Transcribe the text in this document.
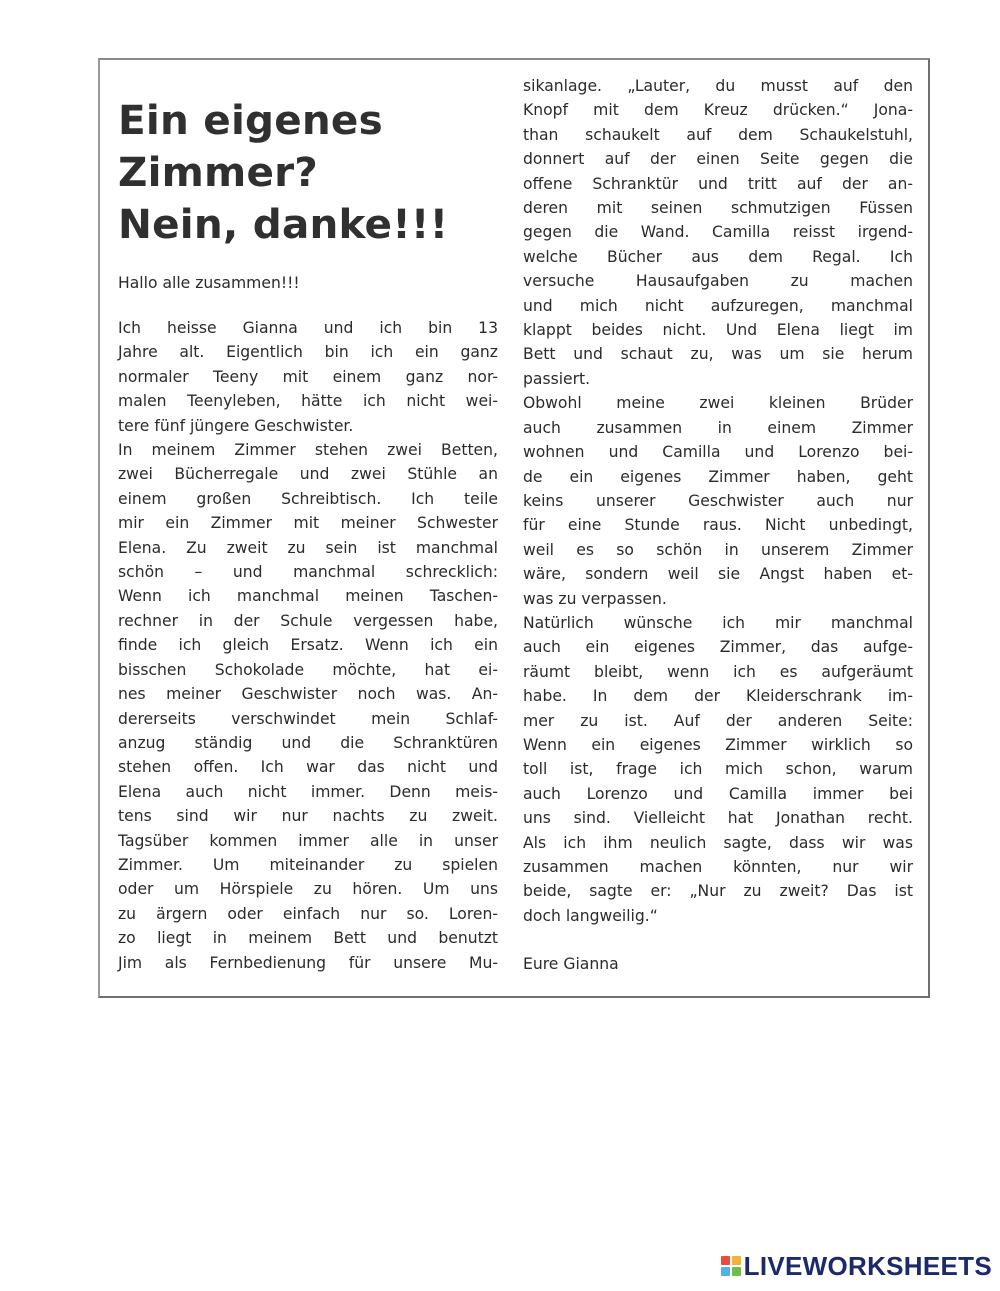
Ein eigenes
Zimmer?
Nein, danke!!!
Hallo alle zusammen!!!
Ich heisse Gianna und ich bin 13
Jahre alt. Eigentlich bin ich ein ganz
normaler Teeny mit einem ganz nor-
malen Teenyleben, hätte ich nicht wei-
tere fünf jüngere Geschwister.
In meinem Zimmer stehen zwei Betten,
zwei Bücherregale und zwei Stühle an
einem großen Schreibtisch. Ich teile
mir ein Zimmer mit meiner Schwester
Elena. Zu zweit zu sein ist manchmal
schön – und manchmal schrecklich:
Wenn ich manchmal meinen Taschen-
rechner in der Schule vergessen habe,
finde ich gleich Ersatz. Wenn ich ein
bisschen Schokolade möchte, hat ei-
nes meiner Geschwister noch was. An-
dererseits verschwindet mein Schlaf-
anzug ständig und die Schranktüren
stehen offen. Ich war das nicht und
Elena auch nicht immer. Denn meis-
tens sind wir nur nachts zu zweit.
Tagsüber kommen immer alle in unser
Zimmer. Um miteinander zu spielen
oder um Hörspiele zu hören. Um uns
zu ärgern oder einfach nur so. Loren-
zo liegt in meinem Bett und benutzt
Jim als Fernbedienung für unsere Mu-
sikanlage. „Lauter, du musst auf den
Knopf mit dem Kreuz drücken.“ Jona-
than schaukelt auf dem Schaukelstuhl,
donnert auf der einen Seite gegen die
offene Schranktür und tritt auf der an-
deren mit seinen schmutzigen Füssen
gegen die Wand. Camilla reisst irgend-
welche Bücher aus dem Regal. Ich
versuche Hausaufgaben zu machen
und mich nicht aufzuregen, manchmal
klappt beides nicht. Und Elena liegt im
Bett und schaut zu, was um sie herum
passiert.
Obwohl meine zwei kleinen Brüder
auch zusammen in einem Zimmer
wohnen und Camilla und Lorenzo bei-
de ein eigenes Zimmer haben, geht
keins unserer Geschwister auch nur
für eine Stunde raus. Nicht unbedingt,
weil es so schön in unserem Zimmer
wäre, sondern weil sie Angst haben et-
was zu verpassen.
Natürlich wünsche ich mir manchmal
auch ein eigenes Zimmer, das aufge-
räumt bleibt, wenn ich es aufgeräumt
habe. In dem der Kleiderschrank im-
mer zu ist. Auf der anderen Seite:
Wenn ein eigenes Zimmer wirklich so
toll ist, frage ich mich schon, warum
auch Lorenzo und Camilla immer bei
uns sind. Vielleicht hat Jonathan recht.
Als ich ihm neulich sagte, dass wir was
zusammen machen könnten, nur wir
beide, sagte er: „Nur zu zweit? Das ist
doch langweilig.“
Eure Gianna
LIVEWORKSHEETS
